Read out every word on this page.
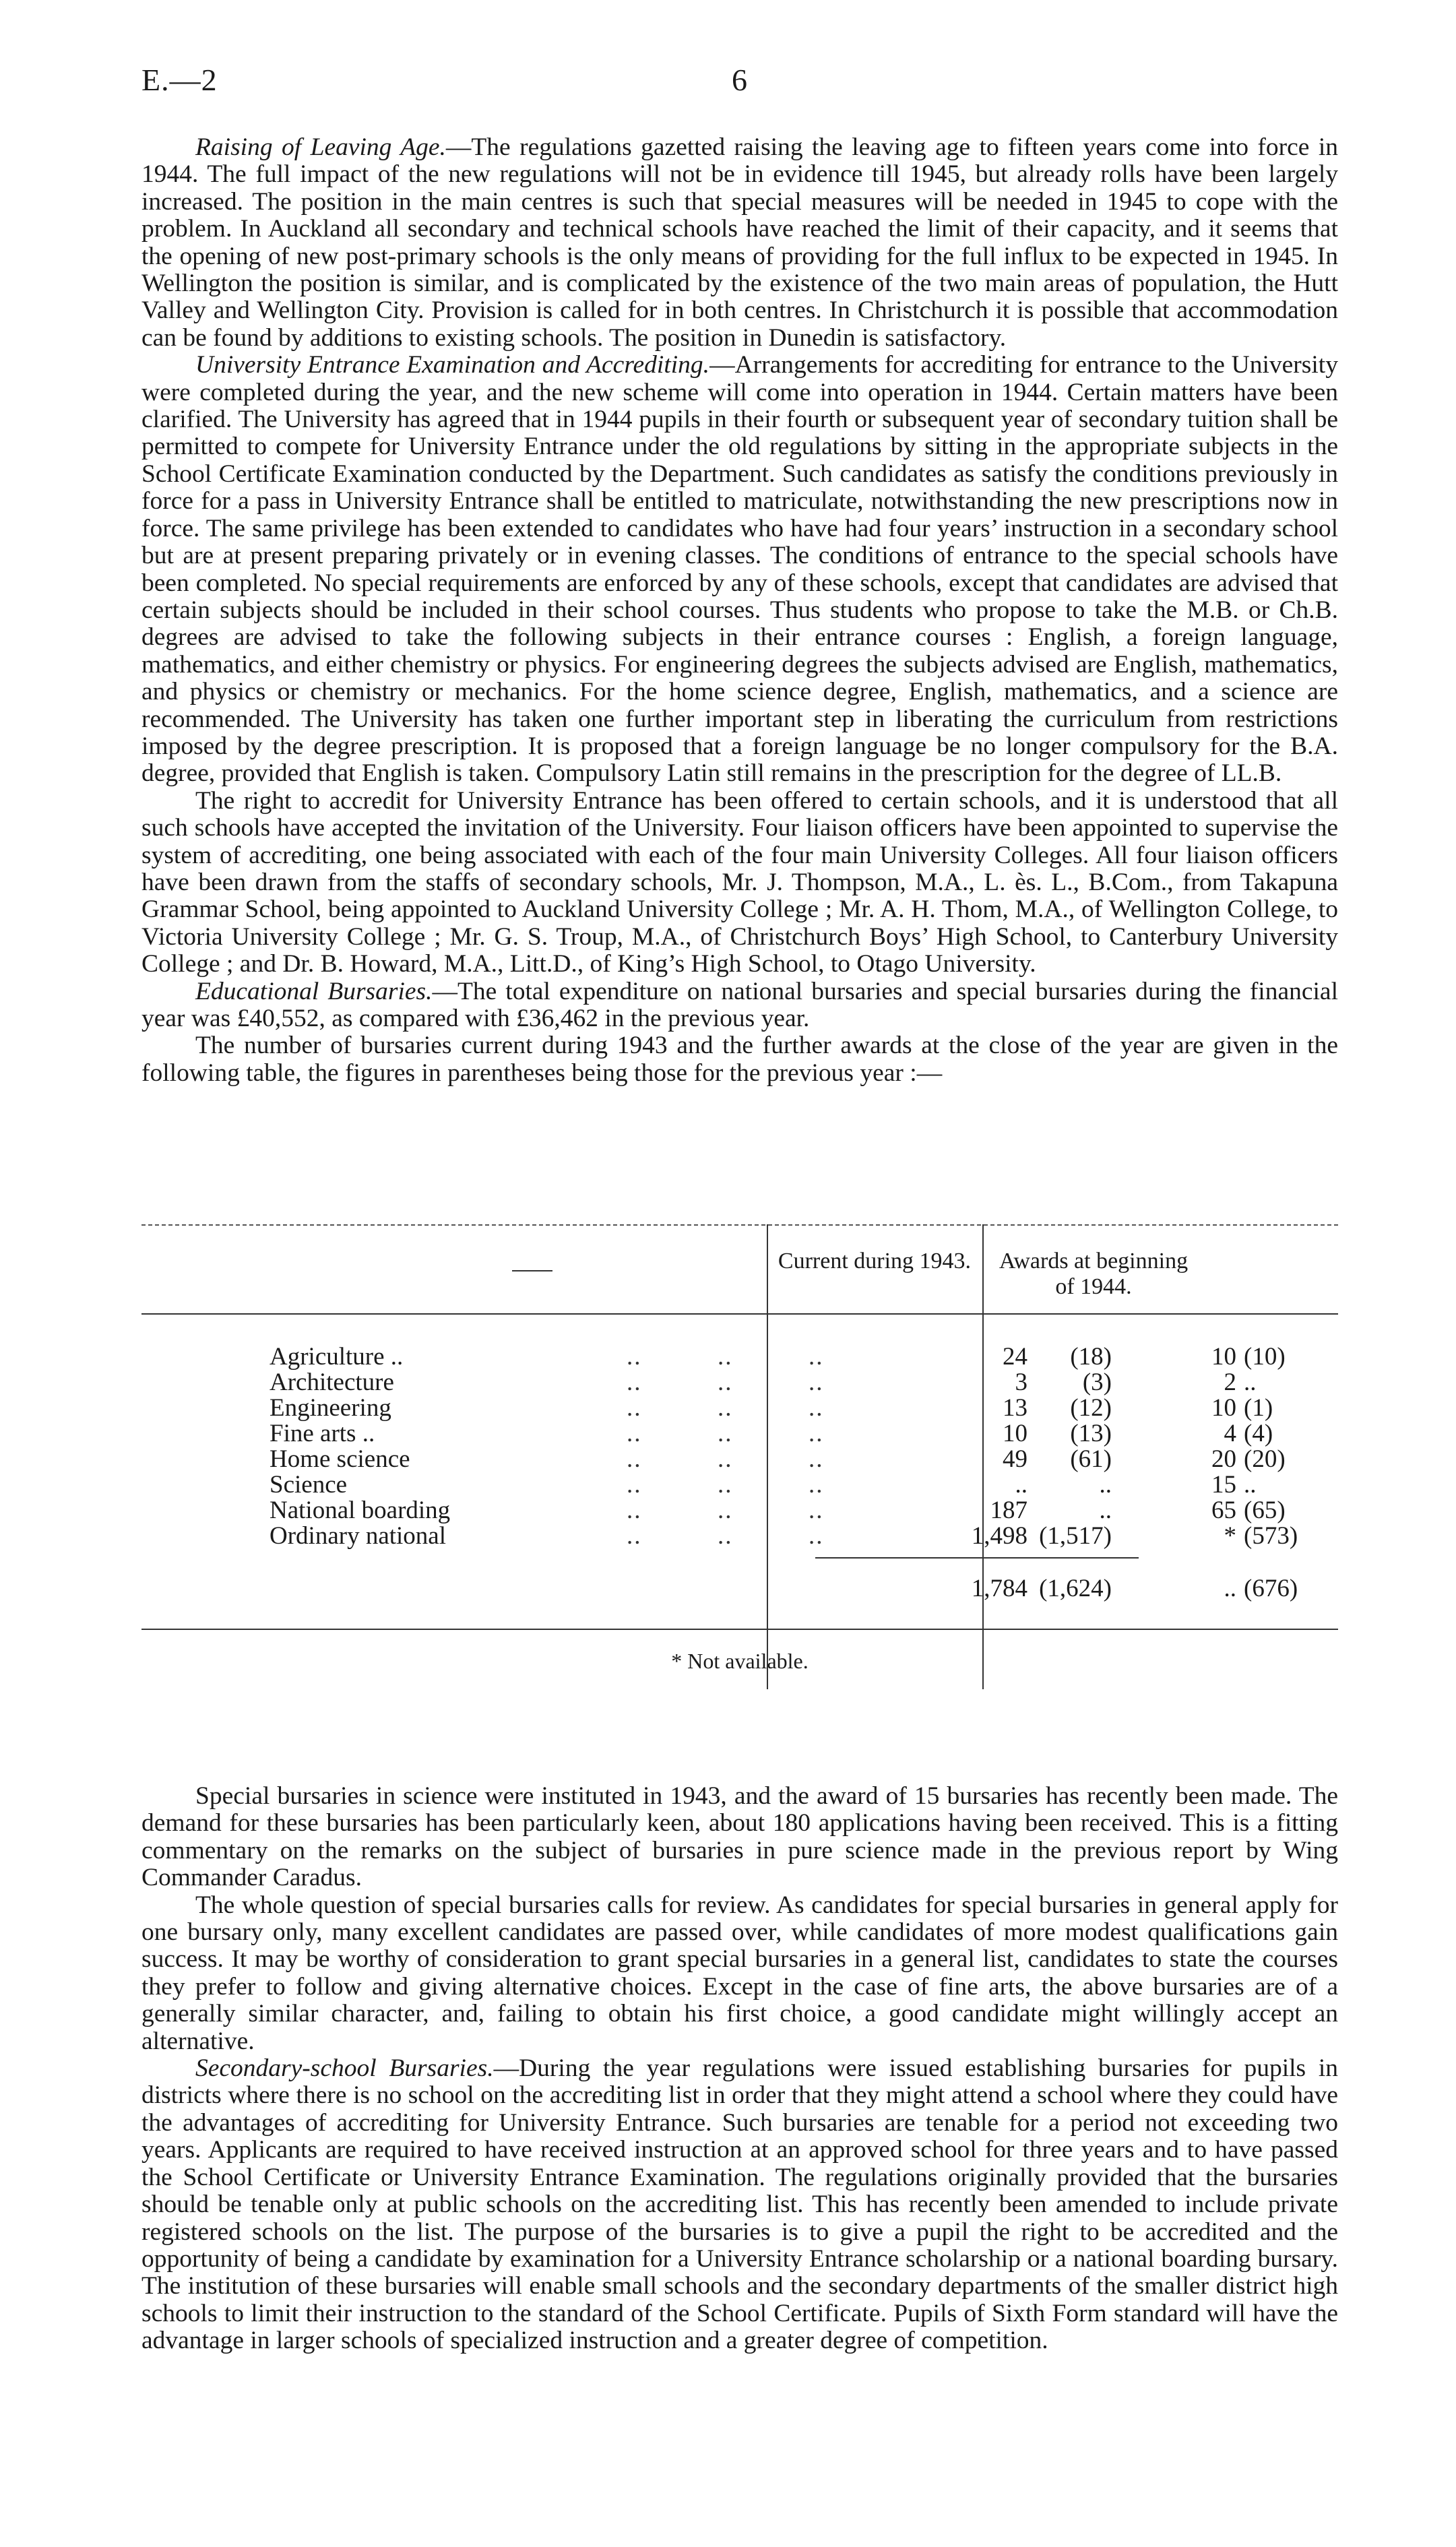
E.—2	6

Raising of Leaving Age.—The regulations gazetted raising the leaving age to fifteen years come into force in 1944. The full impact of the new regulations will not be in evidence till 1945, but already rolls have been largely increased. The position in the main centres is such that special measures will be needed in 1945 to cope with the problem. In Auckland all secondary and technical schools have reached the limit of their capacity, and it seems that the opening of new post-primary schools is the only means of providing for the full influx to be expected in 1945. In Wellington the position is similar, and is complicated by the existence of the two main areas of population, the Hutt Valley and Wellington City. Provision is called for in both centres. In Christchurch it is possible that accommodation can be found by additions to existing schools. The position in Dunedin is satisfactory.

University Entrance Examination and Accrediting.—Arrangements for accrediting for entrance to the University were completed during the year, and the new scheme will come into operation in 1944. Certain matters have been clarified. The University has agreed that in 1944 pupils in their fourth or subsequent year of secondary tuition shall be permitted to compete for University Entrance under the old regulations by sitting in the appropriate subjects in the School Certificate Examination conducted by the Department. Such candidates as satisfy the conditions previously in force for a pass in University Entrance shall be entitled to matriculate, notwithstanding the new prescriptions now in force. The same privilege has been extended to candidates who have had four years’ instruction in a secondary school but are at present preparing privately or in evening classes. The conditions of entrance to the special schools have been completed. No special requirements are enforced by any of these schools, except that candidates are advised that certain subjects should be included in their school courses. Thus students who propose to take the M.B. or Ch.B. degrees are advised to take the following subjects in their entrance courses : English, a foreign language, mathematics, and either chemistry or physics. For engineering degrees the subjects advised are English, mathematics, and physics or chemistry or mechanics. For the home science degree, English, mathematics, and a science are recommended. The University has taken one further important step in liberating the curriculum from restrictions imposed by the degree prescription. It is proposed that a foreign language be no longer compulsory for the B.A. degree, provided that English is taken. Compulsory Latin still remains in the prescription for the degree of LL.B.

The right to accredit for University Entrance has been offered to certain schools, and it is understood that all such schools have accepted the invitation of the University. Four liaison officers have been appointed to supervise the system of accrediting, one being associated with each of the four main University Colleges. All four liaison officers have been drawn from the staffs of secondary schools, Mr. J. Thompson, M.A., L. ès. L., B.Com., from Takapuna Grammar School, being appointed to Auckland University College ; Mr. A. H. Thom, M.A., of Wellington College, to Victoria University College ; Mr. G. S. Troup, M.A., of Christchurch Boys’ High School, to Canterbury University College ; and Dr. B. Howard, M.A., Litt.D., of King’s High School, to Otago University.

Educational Bursaries.—The total expenditure on national bursaries and special bursaries during the financial year was £40,552, as compared with £36,462 in the previous year.

The number of bursaries current during 1943 and the further awards at the close of the year are given in the following table, the figures in parentheses being those for the previous year :—

Current during 1943.	Awards at beginning of 1944.
Agriculture ..	..          ..          ..	24	(18)	10 (10)
Architecture	..          ..          ..	3	(3)	2 ..
Engineering	..          ..          ..	13	(12)	10 (1)
Fine arts ..	..          ..          ..	10	(13)	4 (4)
Home science	..          ..          ..	49	(61)	20 (20)
Science	..          ..          ..	..	..	15 ..
National boarding ..          ..          ..	187	..	65 (65)
Ordinary national ..          ..          ..	1,498 (1,517)	* (573)
1,784 (1,624)	.. (676)
* Not available.

Special bursaries in science were instituted in 1943, and the award of 15 bursaries has recently been made. The demand for these bursaries has been particularly keen, about 180 applications having been received. This is a fitting commentary on the remarks on the subject of bursaries in pure science made in the previous report by Wing Commander Caradus.

The whole question of special bursaries calls for review. As candidates for special bursaries in general apply for one bursary only, many excellent candidates are passed over, while candidates of more modest qualifications gain success. It may be worthy of consideration to grant special bursaries in a general list, candidates to state the courses they prefer to follow and giving alternative choices. Except in the case of fine arts, the above bursaries are of a generally similar character, and, failing to obtain his first choice, a good candidate might willingly accept an alternative.

Secondary-school Bursaries.—During the year regulations were issued establishing bursaries for pupils in districts where there is no school on the accrediting list in order that they might attend a school where they could have the advantages of accrediting for University Entrance. Such bursaries are tenable for a period not exceeding two years. Applicants are required to have received instruction at an approved school for three years and to have passed the School Certificate or University Entrance Examination. The regulations originally provided that the bursaries should be tenable only at public schools on the accrediting list. This has recently been amended to include private registered schools on the list. The purpose of the bursaries is to give a pupil the right to be accredited and the opportunity of being a candidate by examination for a University Entrance scholarship or a national boarding bursary. The institution of these bursaries will enable small schools and the secondary departments of the smaller district high schools to limit their instruction to the standard of the School Certificate. Pupils of Sixth Form standard will have the advantage in larger schools of specialized instruction and a greater degree of competition.
